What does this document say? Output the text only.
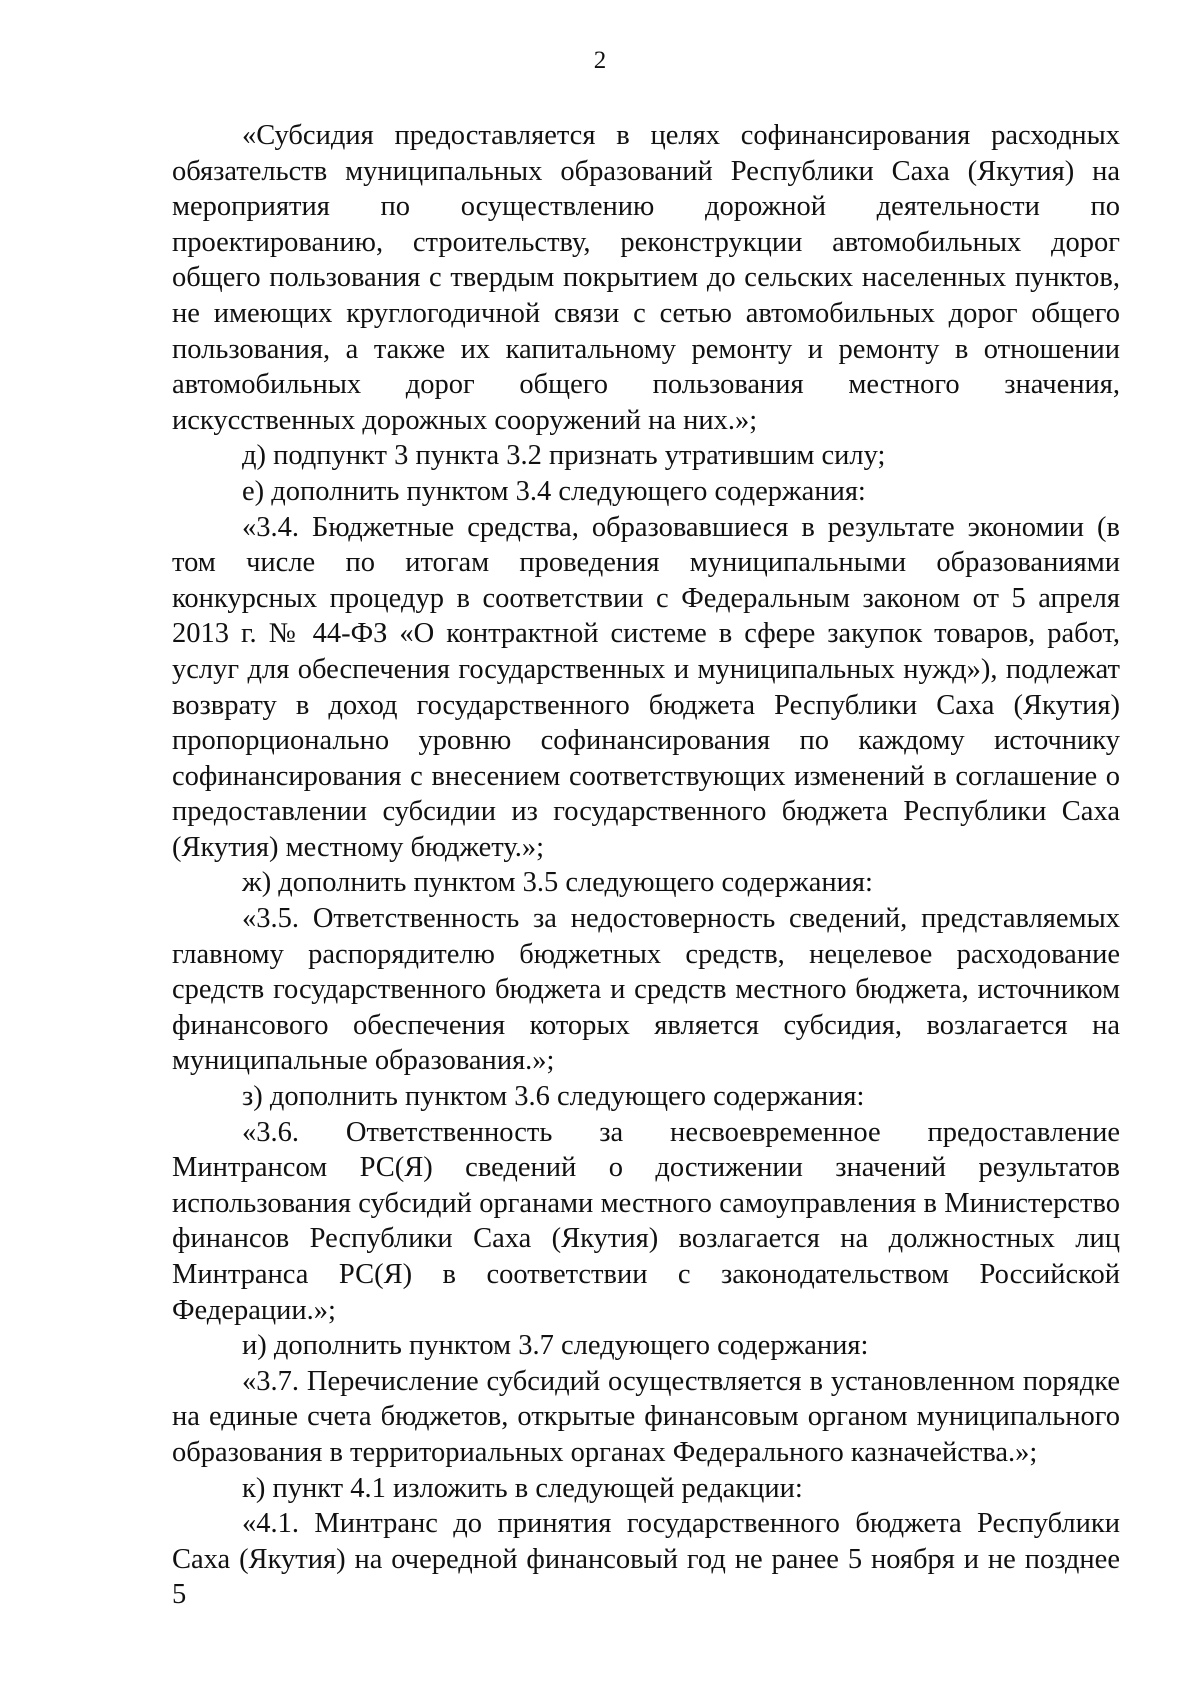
2

«Субсидия предоставляется в целях софинансирования расходных обязательств муниципальных образований Республики Саха (Якутия) на мероприятия по осуществлению дорожной деятельности по проектированию, строительству, реконструкции автомобильных дорог общего пользования с твердым покрытием до сельских населенных пунктов, не имеющих круглогодичной связи с сетью автомобильных дорог общего пользования, а также их капитальному ремонту и ремонту в отношении автомобильных дорог общего пользования местного значения, искусственных дорожных сооружений на них.»;

д) подпункт 3 пункта 3.2 признать утратившим силу;

е) дополнить пунктом 3.4 следующего содержания:

«3.4. Бюджетные средства, образовавшиеся в результате экономии (в том числе по итогам проведения муниципальными образованиями конкурсных процедур в соответствии с Федеральным законом от 5 апреля 2013 г. № 44-ФЗ «О контрактной системе в сфере закупок товаров, работ, услуг для обеспечения государственных и муниципальных нужд»), подлежат возврату в доход государственного бюджета Республики Саха (Якутия) пропорционально уровню софинансирования по каждому источнику софинансирования с внесением соответствующих изменений в соглашение о предоставлении субсидии из государственного бюджета Республики Саха (Якутия) местному бюджету.»;

ж) дополнить пунктом 3.5 следующего содержания:

«3.5. Ответственность за недостоверность сведений, представляемых главному распорядителю бюджетных средств, нецелевое расходование средств государственного бюджета и средств местного бюджета, источником финансового обеспечения которых является субсидия, возлагается на муниципальные образования.»;

з) дополнить пунктом 3.6 следующего содержания:

«3.6. Ответственность за несвоевременное предоставление Минтрансом РС(Я) сведений о достижении значений результатов использования субсидий органами местного самоуправления в Министерство финансов Республики Саха (Якутия) возлагается на должностных лиц Минтранса РС(Я) в соответствии с законодательством Российской Федерации.»;

и) дополнить пунктом 3.7 следующего содержания:

«3.7. Перечисление субсидий осуществляется в установленном порядке на единые счета бюджетов, открытые финансовым органом муниципального образования в территориальных органах Федерального казначейства.»;

к) пункт 4.1 изложить в следующей редакции:

«4.1. Минтранс до принятия государственного бюджета Республики Саха (Якутия) на очередной финансовый год не ранее 5 ноября и не позднее 5
